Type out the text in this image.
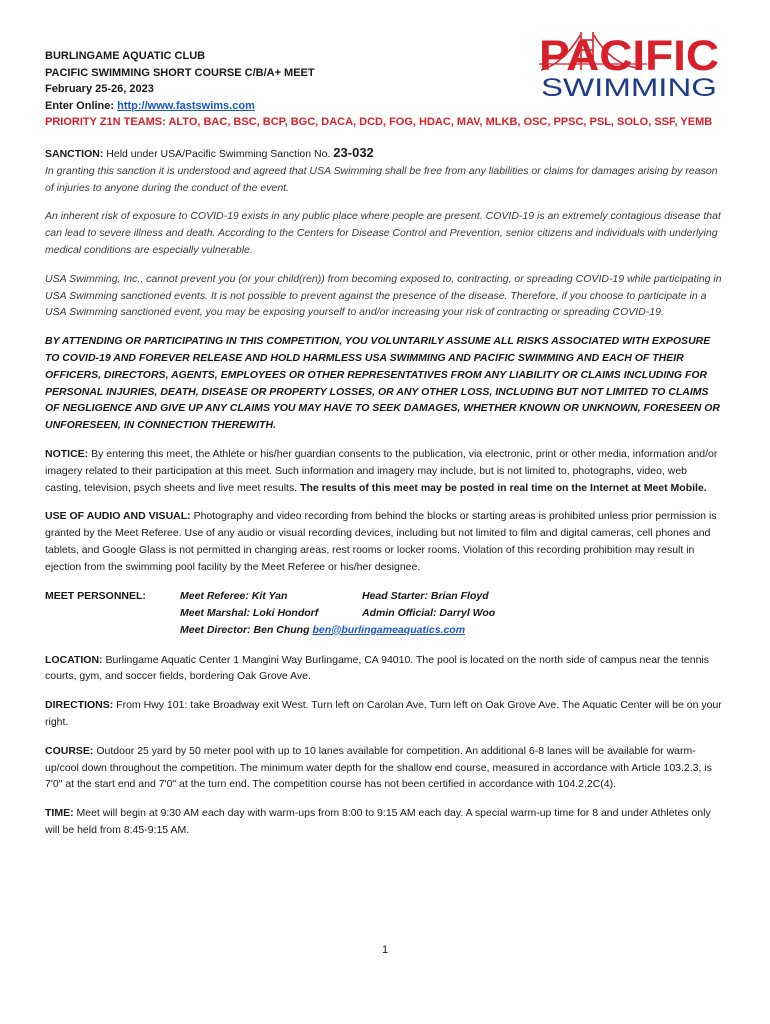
BURLINGAME AQUATIC CLUB
PACIFIC SWIMMING SHORT COURSE C/B/A+ MEET
February 25-26, 2023
Enter Online: http://www.fastswims.com
PRIORITY Z1N TEAMS: ALTO, BAC, BSC, BCP, BGC, DACA, DCD, FOG, HDAC, MAV, MLKB, OSC, PPSC, PSL, SOLO, SSF, YEMB
PACIFIC
SWIMMING

SANCTION: Held under USA/Pacific Swimming Sanction No. 23-032
In granting this sanction it is understood and agreed that USA Swimming shall be free from any liabilities or claims for damages arising by reason of injuries to anyone during the conduct of the event.

An inherent risk of exposure to COVID-19 exists in any public place where people are present. COVID-19 is an extremely contagious disease that can lead to severe illness and death. According to the Centers for Disease Control and Prevention, senior citizens and individuals with underlying medical conditions are especially vulnerable.

USA Swimming, Inc., cannot prevent you (or your child(ren)) from becoming exposed to, contracting, or spreading COVID-19 while participating in USA Swimming sanctioned events. It is not possible to prevent against the presence of the disease. Therefore, if you choose to participate in a USA Swimming sanctioned event, you may be exposing yourself to and/or increasing your risk of contracting or spreading COVID-19.

BY ATTENDING OR PARTICIPATING IN THIS COMPETITION, YOU VOLUNTARILY ASSUME ALL RISKS ASSOCIATED WITH EXPOSURE TO COVID-19 AND FOREVER RELEASE AND HOLD HARMLESS USA SWIMMING AND PACIFIC SWIMMING AND EACH OF THEIR OFFICERS, DIRECTORS, AGENTS, EMPLOYEES OR OTHER REPRESENTATIVES FROM ANY LIABILITY OR CLAIMS INCLUDING FOR PERSONAL INJURIES, DEATH, DISEASE OR PROPERTY LOSSES, OR ANY OTHER LOSS, INCLUDING BUT NOT LIMITED TO CLAIMS OF NEGLIGENCE AND GIVE UP ANY CLAIMS YOU MAY HAVE TO SEEK DAMAGES, WHETHER KNOWN OR UNKNOWN, FORESEEN OR UNFORESEEN, IN CONNECTION THEREWITH.

NOTICE: By entering this meet, the Athlete or his/her guardian consents to the publication, via electronic, print or other media, information and/or imagery related to their participation at this meet. Such information and imagery may include, but is not limited to, photographs, video, web casting, television, psych sheets and live meet results. The results of this meet may be posted in real time on the Internet at Meet Mobile.

USE OF AUDIO AND VISUAL: Photography and video recording from behind the blocks or starting areas is prohibited unless prior permission is granted by the Meet Referee. Use of any audio or visual recording devices, including but not limited to film and digital cameras, cell phones and tablets, and Google Glass is not permitted in changing areas, rest rooms or locker rooms. Violation of this recording prohibition may result in ejection from the swimming pool facility by the Meet Referee or his/her designee.

MEET PERSONNEL:	Meet Referee: Kit Yan	Head Starter: Brian Floyd
Meet Marshal: Loki Hondorf	Admin Official: Darryl Woo
Meet Director: Ben Chung ben@burlingameaquatics.com

LOCATION: Burlingame Aquatic Center 1 Mangini Way Burlingame, CA 94010. The pool is located on the north side of campus near the tennis courts, gym, and soccer fields, bordering Oak Grove Ave.

DIRECTIONS: From Hwy 101: take Broadway exit West. Turn left on Carolan Ave. Turn left on Oak Grove Ave. The Aquatic Center will be on your right.

COURSE: Outdoor 25 yard by 50 meter pool with up to 10 lanes available for competition. An additional 6-8 lanes will be available for warm-up/cool down throughout the competition. The minimum water depth for the shallow end course, measured in accordance with Article 103.2.3, is 7'0" at the start end and 7'0" at the turn end. The competition course has not been certified in accordance with 104.2.2C(4).

TIME: Meet will begin at 9:30 AM each day with warm-ups from 8:00 to 9:15 AM each day. A special warm-up time for 8 and under Athletes only will be held from 8:45-9:15 AM.

1
